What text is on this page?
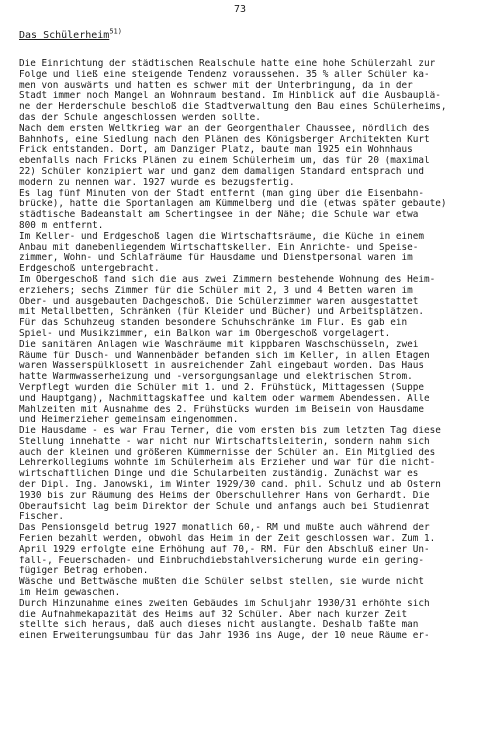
73
Das Schülerheim$^{51)}$
Die Einrichtung der städtischen Realschule hatte eine hohe Schülerzahl zur
Folge und ließ eine steigende Tendenz voraussehen. 35 % aller Schüler ka-
men von auswärts und hatten es schwer mit der Unterbringung, da in der
Stadt immer noch Mangel an Wohnraum bestand. Im Hinblick auf die Ausbauplä-
ne der Herderschule beschloß die Stadtverwaltung den Bau eines Schülerheims,
das der Schule angeschlossen werden sollte.
Nach dem ersten Weltkrieg war an der Georgenthaler Chaussee, nördlich des
Bahnhofs, eine Siedlung nach den Plänen des Königsberger Architekten Kurt
Frick entstanden. Dort, am Danziger Platz, baute man 1925 ein Wohnhaus
ebenfalls nach Fricks Plänen zu einem Schülerheim um, das für 20 (maximal
22) Schüler konzipiert war und ganz dem damaligen Standard entsprach und
modern zu nennen war. 1927 wurde es bezugsfertig.
Es lag fünf Minuten von der Stadt entfernt (man ging über die Eisenbahn-
brücke), hatte die Sportanlagen am Kümmelberg und die (etwas später gebaute)
städtische Badeanstalt am Schertingsee in der Nähe; die Schule war etwa
800 m entfernt.
Im Keller- und Erdgeschoß lagen die Wirtschaftsräume, die Küche in einem
Anbau mit danebenliegendem Wirtschaftskeller. Ein Anrichte- und Speise-
zimmer, Wohn- und Schlafräume für Hausdame und Dienstpersonal waren im
Erdgeschoß untergebracht.
Im Obergeschoß fand sich die aus zwei Zimmern bestehende Wohnung des Heim-
erziehers; sechs Zimmer für die Schüler mit 2, 3 und 4 Betten waren im
Ober- und ausgebauten Dachgeschoß. Die Schülerzimmer waren ausgestattet
mit Metallbetten, Schränken (für Kleider und Bücher) und Arbeitsplätzen.
Für das Schuhzeug standen besondere Schuhschränke im Flur. Es gab ein
Spiel- und Musikzimmer, ein Balkon war im Obergeschoß vorgelagert.
Die sanitären Anlagen wie Waschräume mit kippbaren Waschschüsseln, zwei
Räume für Dusch- und Wannenbäder befanden sich im Keller, in allen Etagen
waren Wasserspülklosett in ausreichender Zahl eingebaut worden. Das Haus
hatte Warmwasserheizung und -versorgungsanlage und elektrischen Strom.
Verpflegt wurden die Schüler mit 1. und 2. Frühstück, Mittagessen (Suppe
und Hauptgang), Nachmittagskaffee und kaltem oder warmem Abendessen. Alle
Mahlzeiten mit Ausnahme des 2. Frühstücks wurden im Beisein von Hausdame
und Heimerzieher gemeinsam eingenommen.
Die Hausdame - es war Frau Terner, die vom ersten bis zum letzten Tag diese
Stellung innehatte - war nicht nur Wirtschaftsleiterin, sondern nahm sich
auch der kleinen und größeren Kümmernisse der Schüler an. Ein Mitglied des
Lehrerkollegiums wohnte im Schülerheim als Erzieher und war für die nicht-
wirtschaftlichen Dinge und die Schularbeiten zuständig. Zunächst war es
der Dipl. Ing. Janowski, im Winter 1929/30 cand. phil. Schulz und ab Ostern
1930 bis zur Räumung des Heims der Oberschullehrer Hans von Gerhardt. Die
Oberaufsicht lag beim Direktor der Schule und anfangs auch bei Studienrat
Fischer.
Das Pensionsgeld betrug 1927 monatlich 60,- RM und mußte auch während der
Ferien bezahlt werden, obwohl das Heim in der Zeit geschlossen war. Zum 1.
April 1929 erfolgte eine Erhöhung auf 70,- RM. Für den Abschluß einer Un-
fall-, Feuerschaden- und Einbruchdiebstahlversicherung wurde ein gering-
fügiger Betrag erhoben.
Wäsche und Bettwäsche mußten die Schüler selbst stellen, sie wurde nicht
im Heim gewaschen.
Durch Hinzunahme eines zweiten Gebäudes im Schuljahr 1930/31 erhöhte sich
die Aufnahmekapazität des Heims auf 32 Schüler. Aber nach kurzer Zeit
stellte sich heraus, daß auch dieses nicht auslangte. Deshalb faßte man
einen Erweiterungsumbau für das Jahr 1936 ins Auge, der 10 neue Räume er-
